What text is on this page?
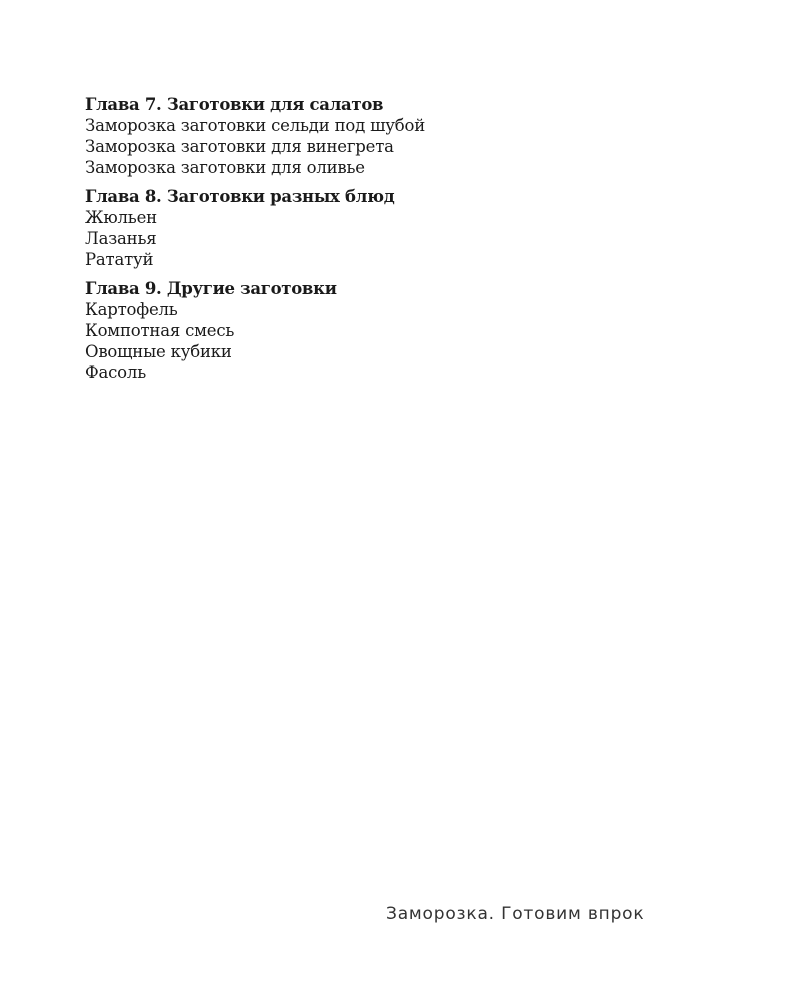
Глава 7. Заготовки для салатов
Заморозка заготовки сельди под шубой
Заморозка заготовки для винегрета
Заморозка заготовки для оливье
Глава 8. Заготовки разных блюд
Жюльен
Лазанья
Рататуй
Глава 9. Другие заготовки
Картофель
Компотная смесь
Овощные кубики
Фасоль
Заморозка. Готовим впрок
